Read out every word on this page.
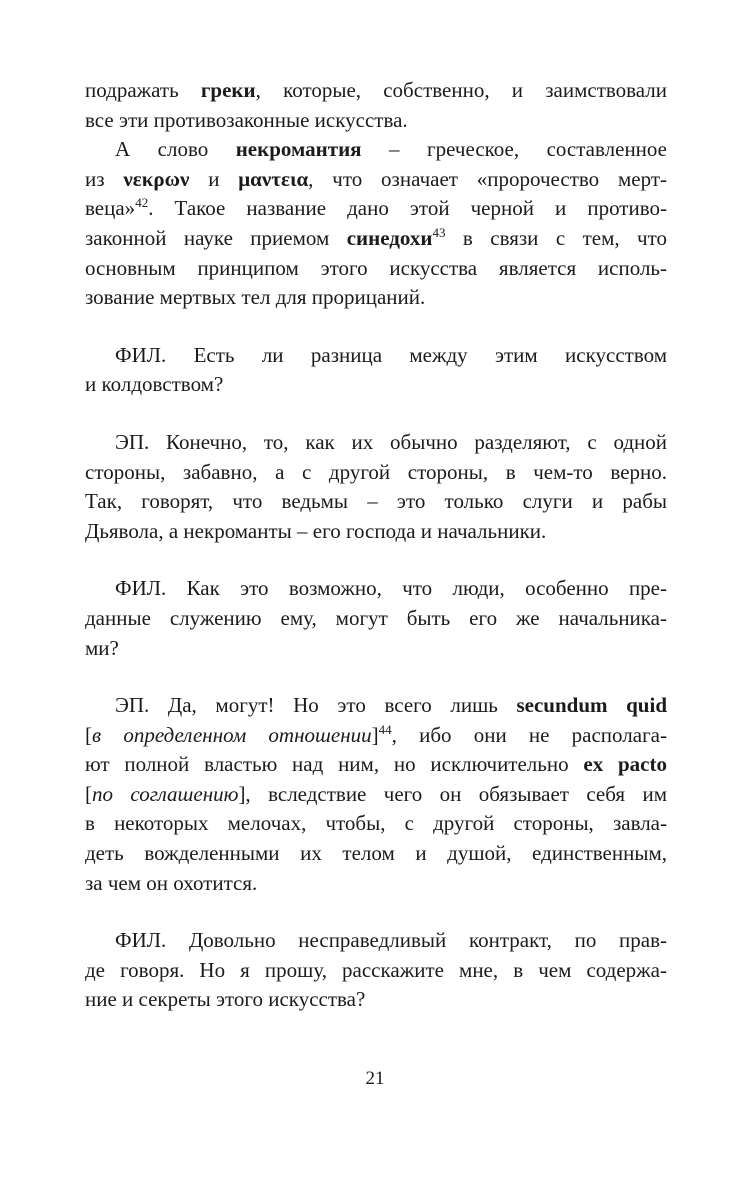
подражать греки, которые, собственно, и заимствовали
все эти противозаконные искусства.
А слово некромантия – греческое, составленное
из νεκρων и μαντεια, что означает «пророчество мерт-
веца»$^{42}$. Такое название дано этой черной и противо-
законной науке приемом синедохи$^{43}$ в связи с тем, что
основным принципом этого искусства является исполь-
зование мертвых тел для прорицаний.
ФИЛ. Есть ли разница между этим искусством
и колдовством?
ЭП. Конечно, то, как их обычно разделяют, с одной
стороны, забавно, а с другой стороны, в чем-то верно.
Так, говорят, что ведьмы – это только слуги и рабы
Дьявола, а некроманты – его господа и начальники.
ФИЛ. Как это возможно, что люди, особенно пре-
данные служению ему, могут быть его же начальника-
ми?
ЭП. Да, могут! Но это всего лишь secundum quid
[в определенном отношении]$^{44}$, ибо они не располага-
ют полной властью над ним, но исключительно ex pacto
[по соглашению], вследствие чего он обязывает себя им
в некоторых мелочах, чтобы, с другой стороны, завла-
деть вожделенными их телом и душой, единственным,
за чем он охотится.
ФИЛ. Довольно несправедливый контракт, по прав-
де говоря. Но я прошу, расскажите мне, в чем содержа-
ние и секреты этого искусства?
21
